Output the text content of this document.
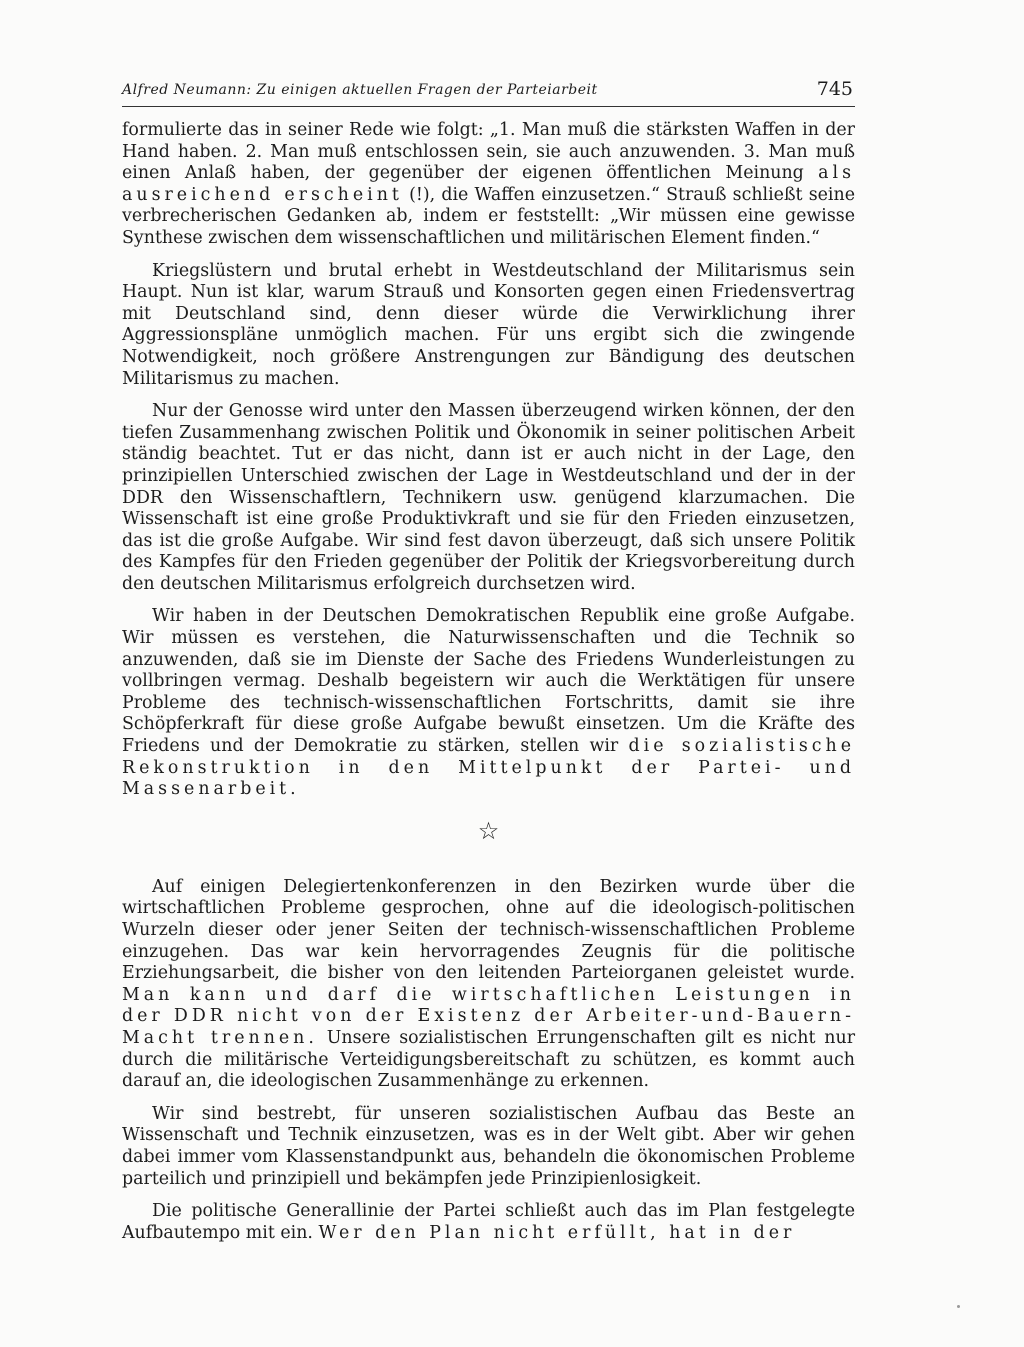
Alfred Neumann: Zu einigen aktuellen Fragen der Parteiarbeit	745

formulierte das in seiner Rede wie folgt: „1. Man muß die stärksten Waffen in der Hand haben. 2. Man muß entschlossen sein, sie auch anzuwenden. 3. Man muß einen Anlaß haben, der gegenüber der eigenen öffentlichen Meinung als ausreichend erscheint (!), die Waffen einzusetzen.“ Strauß schließt seine verbrecherischen Gedanken ab, indem er feststellt: „Wir müssen eine gewisse Synthese zwischen dem wissenschaftlichen und militärischen Element finden.“

Kriegslüstern und brutal erhebt in Westdeutschland der Militarismus sein Haupt. Nun ist klar, warum Strauß und Konsorten gegen einen Friedensvertrag mit Deutschland sind, denn dieser würde die Verwirklichung ihrer Aggressionspläne unmöglich machen. Für uns ergibt sich die zwingende Notwendigkeit, noch größere Anstrengungen zur Bändigung des deutschen Militarismus zu machen.

Nur der Genosse wird unter den Massen überzeugend wirken können, der den tiefen Zusammenhang zwischen Politik und Ökonomik in seiner politischen Arbeit ständig beachtet. Tut er das nicht, dann ist er auch nicht in der Lage, den prinzipiellen Unterschied zwischen der Lage in Westdeutschland und der in der DDR den Wissenschaftlern, Technikern usw. genügend klarzumachen. Die Wissenschaft ist eine große Produktivkraft und sie für den Frieden einzusetzen, das ist die große Aufgabe. Wir sind fest davon überzeugt, daß sich unsere Politik des Kampfes für den Frieden gegenüber der Politik der Kriegsvorbereitung durch den deutschen Militarismus erfolgreich durchsetzen wird.

Wir haben in der Deutschen Demokratischen Republik eine große Aufgabe. Wir müssen es verstehen, die Naturwissenschaften und die Technik so anzuwenden, daß sie im Dienste der Sache des Friedens Wunderleistungen zu vollbringen vermag. Deshalb begeistern wir auch die Werktätigen für unsere Probleme des technisch-wissenschaftlichen Fortschritts, damit sie ihre Schöpferkraft für diese große Aufgabe bewußt einsetzen. Um die Kräfte des Friedens und der Demokratie zu stärken, stellen wir die sozialistische Rekonstruktion in den Mittelpunkt der Partei- und Massenarbeit.

☆

Auf einigen Delegiertenkonferenzen in den Bezirken wurde über die wirtschaftlichen Probleme gesprochen, ohne auf die ideologisch-politischen Wurzeln dieser oder jener Seiten der technisch-wissenschaftlichen Probleme einzugehen. Das war kein hervorragendes Zeugnis für die politische Erziehungsarbeit, die bisher von den leitenden Parteiorganen geleistet wurde. Man kann und darf die wirtschaftlichen Leistungen in der DDR nicht von der Existenz der Arbeiter-und-Bauern-Macht trennen. Unsere sozialistischen Errungenschaften gilt es nicht nur durch die militärische Verteidigungsbereitschaft zu schützen, es kommt auch darauf an, die ideologischen Zusammenhänge zu erkennen.

Wir sind bestrebt, für unseren sozialistischen Aufbau das Beste an Wissenschaft und Technik einzusetzen, was es in der Welt gibt. Aber wir gehen dabei immer vom Klassenstandpunkt aus, behandeln die ökonomischen Probleme parteilich und prinzipiell und bekämpfen jede Prinzipienlosigkeit.

Die politische Generallinie der Partei schließt auch das im Plan festgelegte Aufbautempo mit ein. Wer den Plan nicht erfüllt, hat in der
